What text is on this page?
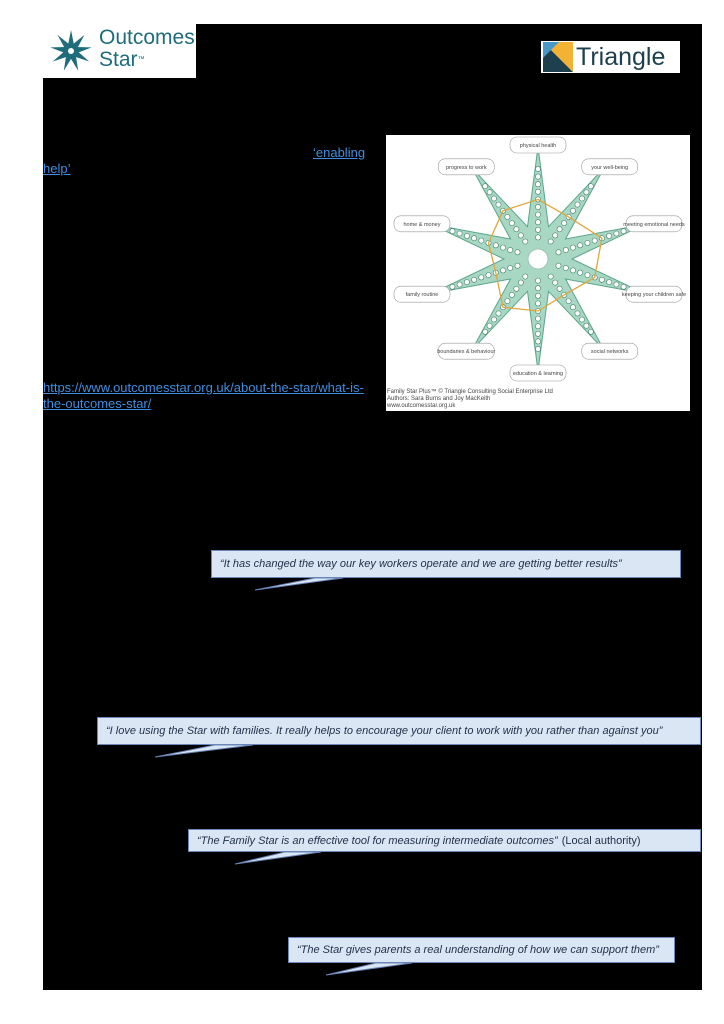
Outcomes
Star™	Triangle
‘enabling
help’
https://www.outcomesstar.org.uk/about-the-star/what-is-
the-outcomes-star/
physical health
your well-being
meeting emotional needs
keeping your children safe
social networks
education & learning
boundaries & behaviour
family routine
home & money
progress to work
Family Star Plus™ © Triangle Consulting Social Enterprise Ltd
Authors: Sara Burns and Joy MacKeith
www.outcomesstar.org.uk
“It has changed the way our key workers operate and we are getting better results”
“I love using the Star with families. It really helps to encourage your client to work with you rather than against you”
“The Family Star is an effective tool for measuring intermediate outcomes” (Local authority)
“The Star gives parents a real understanding of how we can support them”
